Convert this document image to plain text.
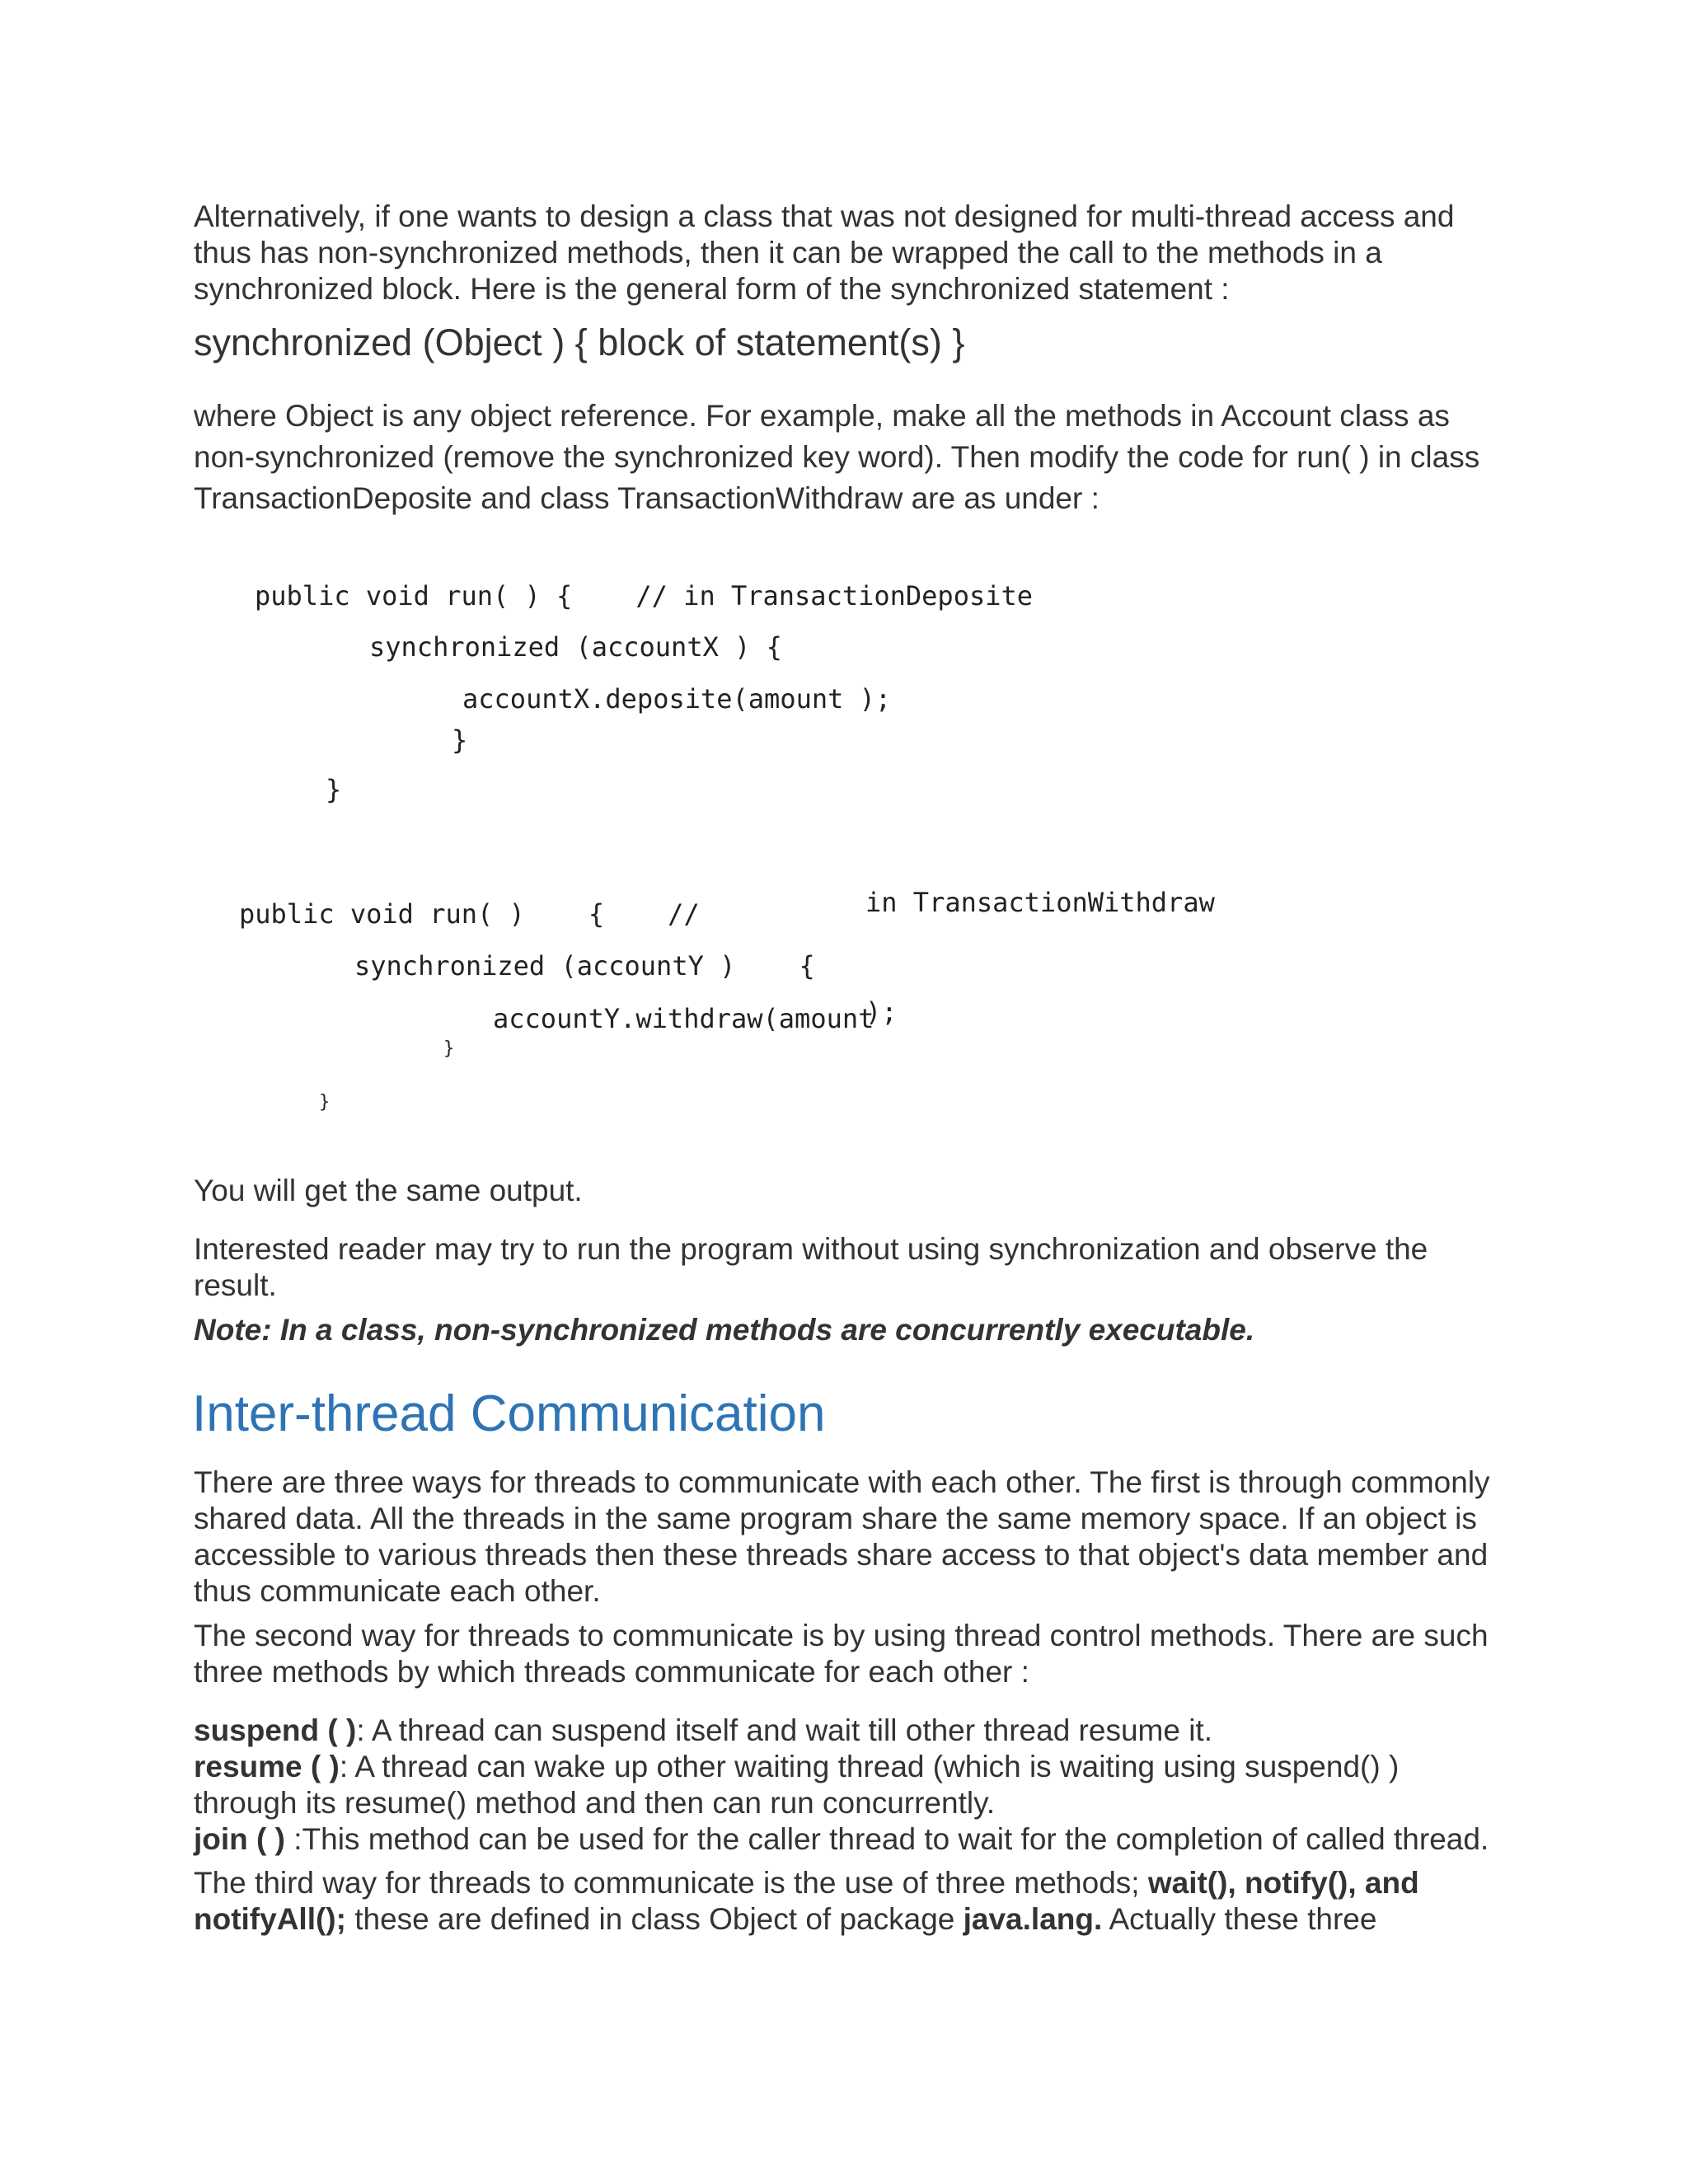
Alternatively, if one wants to design a class that was not designed for multi-thread access and
thus has non-synchronized methods, then it can be wrapped the call to the methods in a
synchronized block. Here is the general form of the synchronized statement :
synchronized (Object ) { block of statement(s) }
where Object is any object reference. For example, make all the methods in Account class as
non-synchronized (remove the synchronized key word). Then modify the code for run( ) in class
TransactionDeposite and class TransactionWithdraw are as under :
public void run( ) {    // in TransactionDeposite
synchronized (accountX ) {
accountX.deposite(amount );
}
}
public void run( )    {    //	in TransactionWithdraw
synchronized (accountY )    {
accountY.withdraw(amount
);
}
}
You will get the same output.
Interested reader may try to run the program without using synchronization and observe the
result.
Note: In a class, non-synchronized methods are concurrently executable.
Inter-thread Communication
There are three ways for threads to communicate with each other. The first is through commonly
shared data. All the threads in the same program share the same memory space. If an object is
accessible to various threads then these threads share access to that object's data member and
thus communicate each other.
The second way for threads to communicate is by using thread control methods. There are such
three methods by which threads communicate for each other :
suspend ( ): A thread can suspend itself and wait till other thread resume it.
resume ( ): A thread can wake up other waiting thread (which is waiting using suspend() )
through its resume() method and then can run concurrently.
join ( ) :This method can be used for the caller thread to wait for the completion of called thread.
The third way for threads to communicate is the use of three methods; wait(), notify(), and
notifyAll(); these are defined in class Object of package java.lang. Actually these three
